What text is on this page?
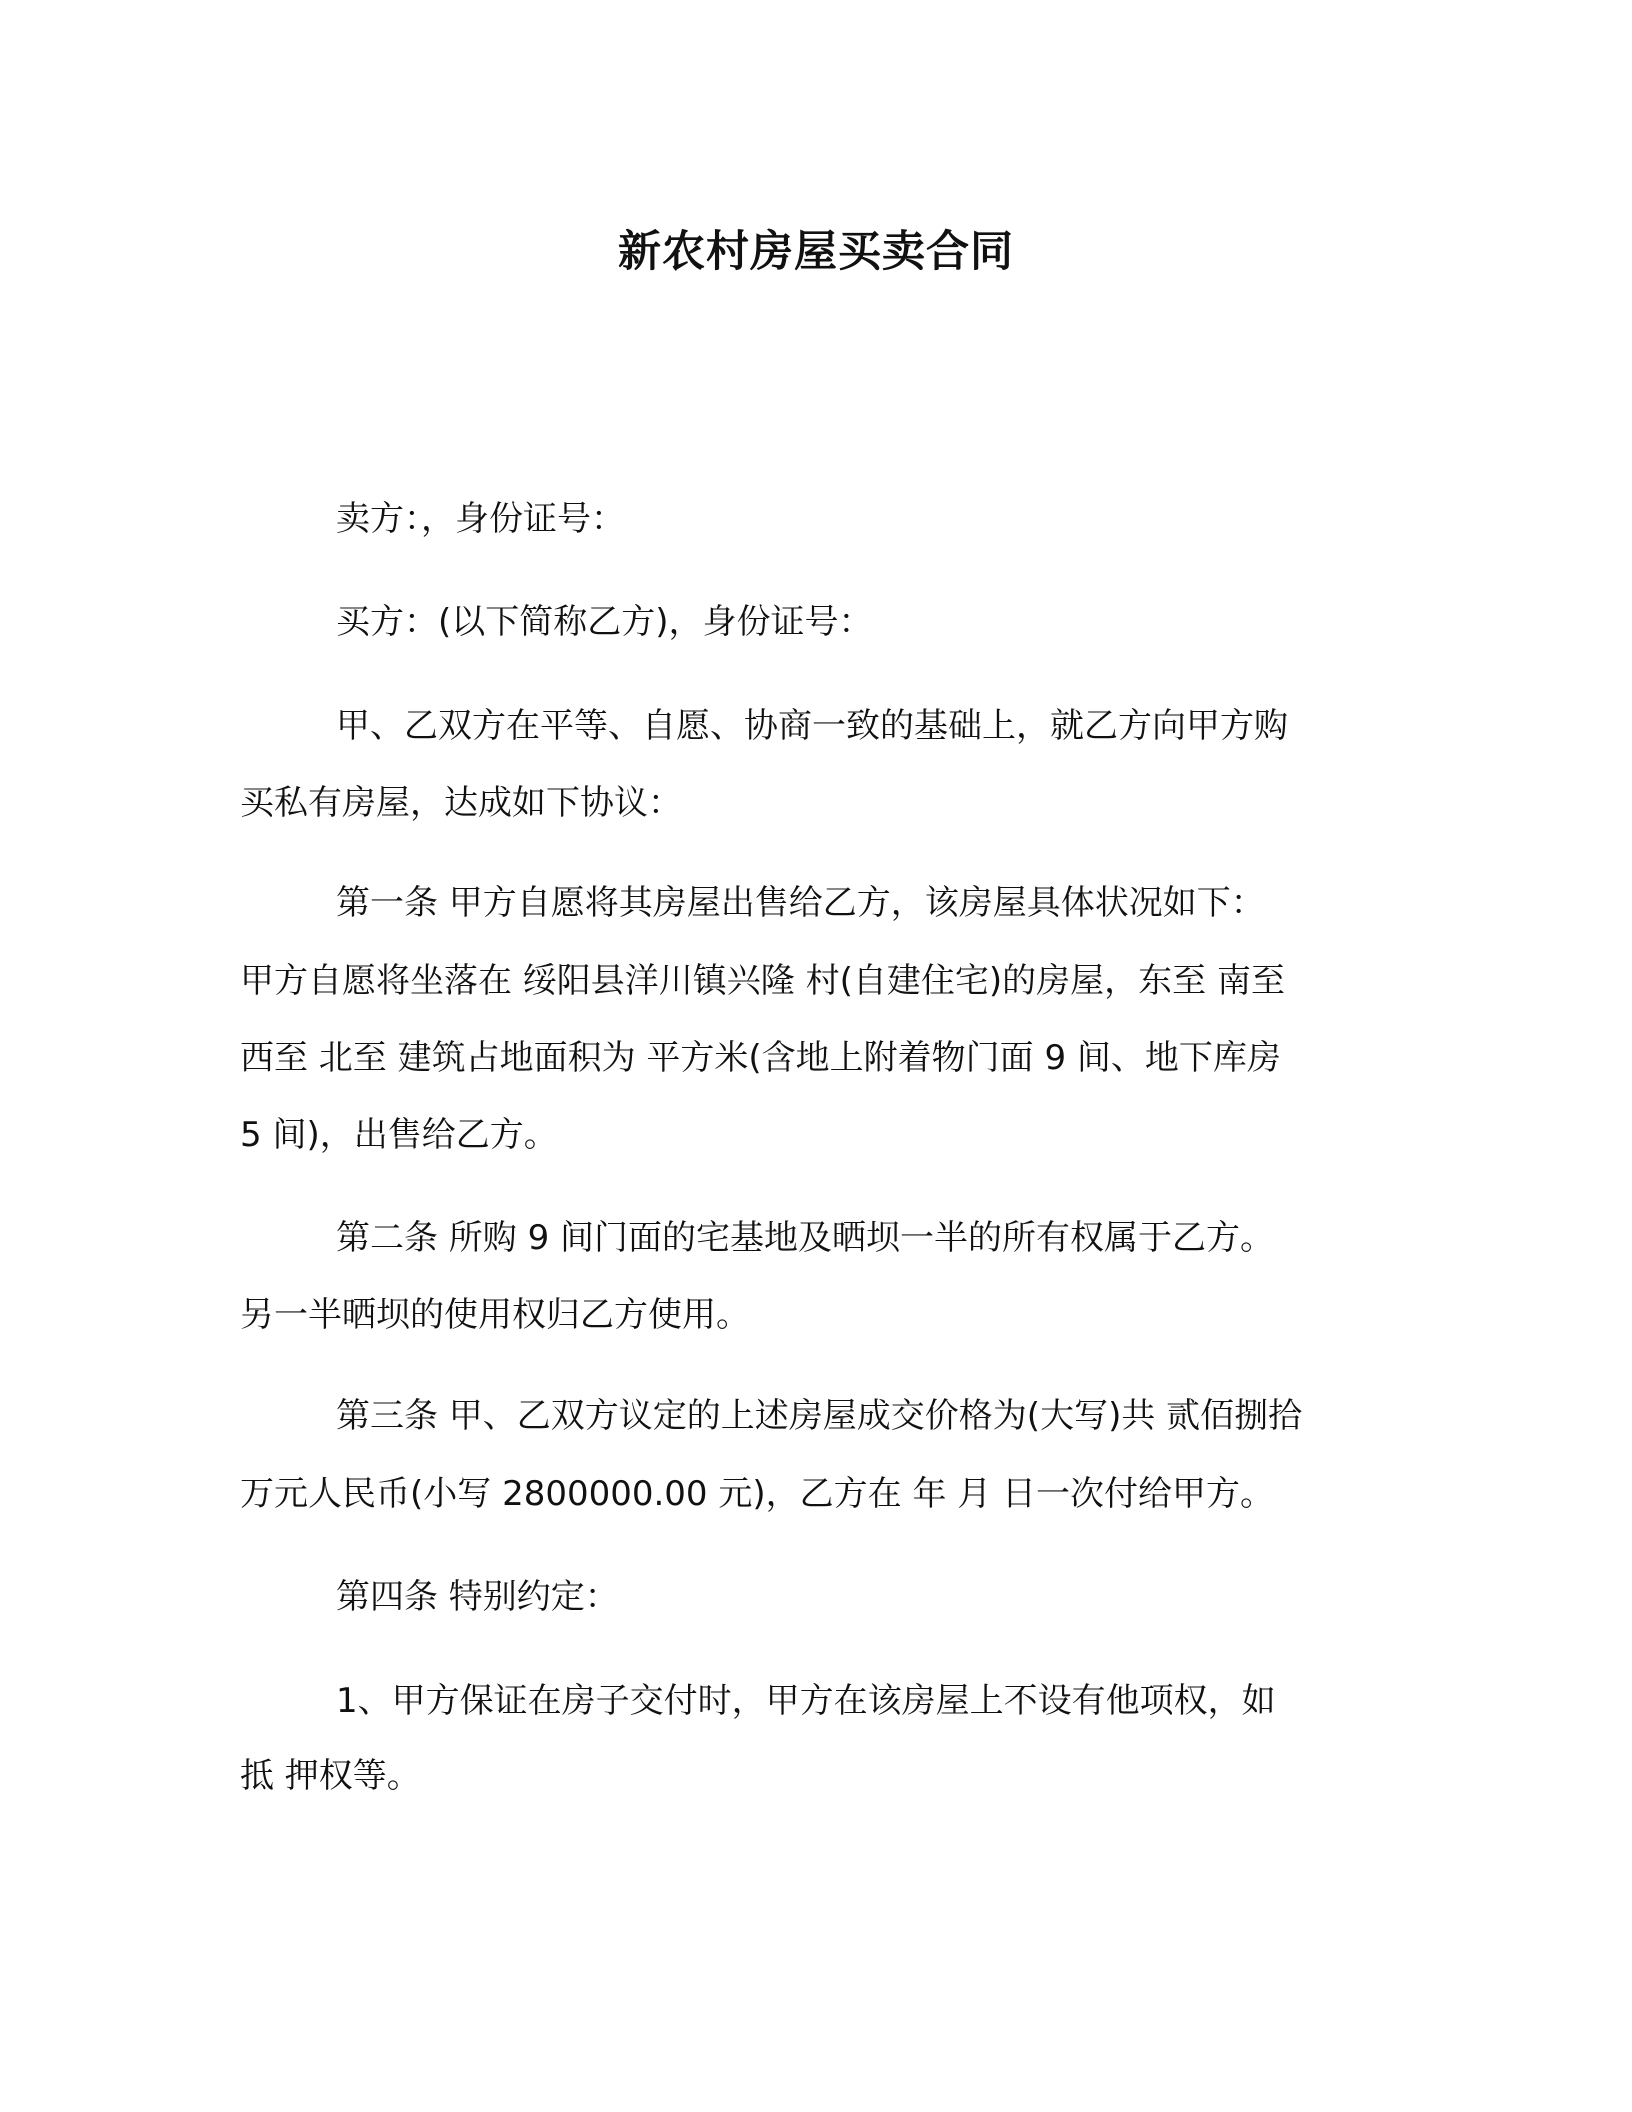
新农村房屋买卖合同
卖方：，身份证号：
买方：(以下简称乙方)，身份证号：
甲、乙双方在平等、自愿、协商一致的基础上，就乙方向甲方购
买私有房屋，达成如下协议：
第一条 甲方自愿将其房屋出售给乙方，该房屋具体状况如下：
甲方自愿将坐落在 绥阳县洋川镇兴隆 村(自建住宅)的房屋，东至 南至
西至 北至 建筑占地面积为 平方米(含地上附着物门面 9 间、地下库房
5 间)，出售给乙方。
第二条 所购 9 间门面的宅基地及晒坝一半的所有权属于乙方。
另一半晒坝的使用权归乙方使用。
第三条 甲、乙双方议定的上述房屋成交价格为(大写)共 贰佰捌拾
万元人民币(小写 2800000.00 元)，乙方在 年 月 日一次付给甲方。
第四条 特别约定：
1、甲方保证在房子交付时，甲方在该房屋上不设有他项权，如
抵 押权等。
